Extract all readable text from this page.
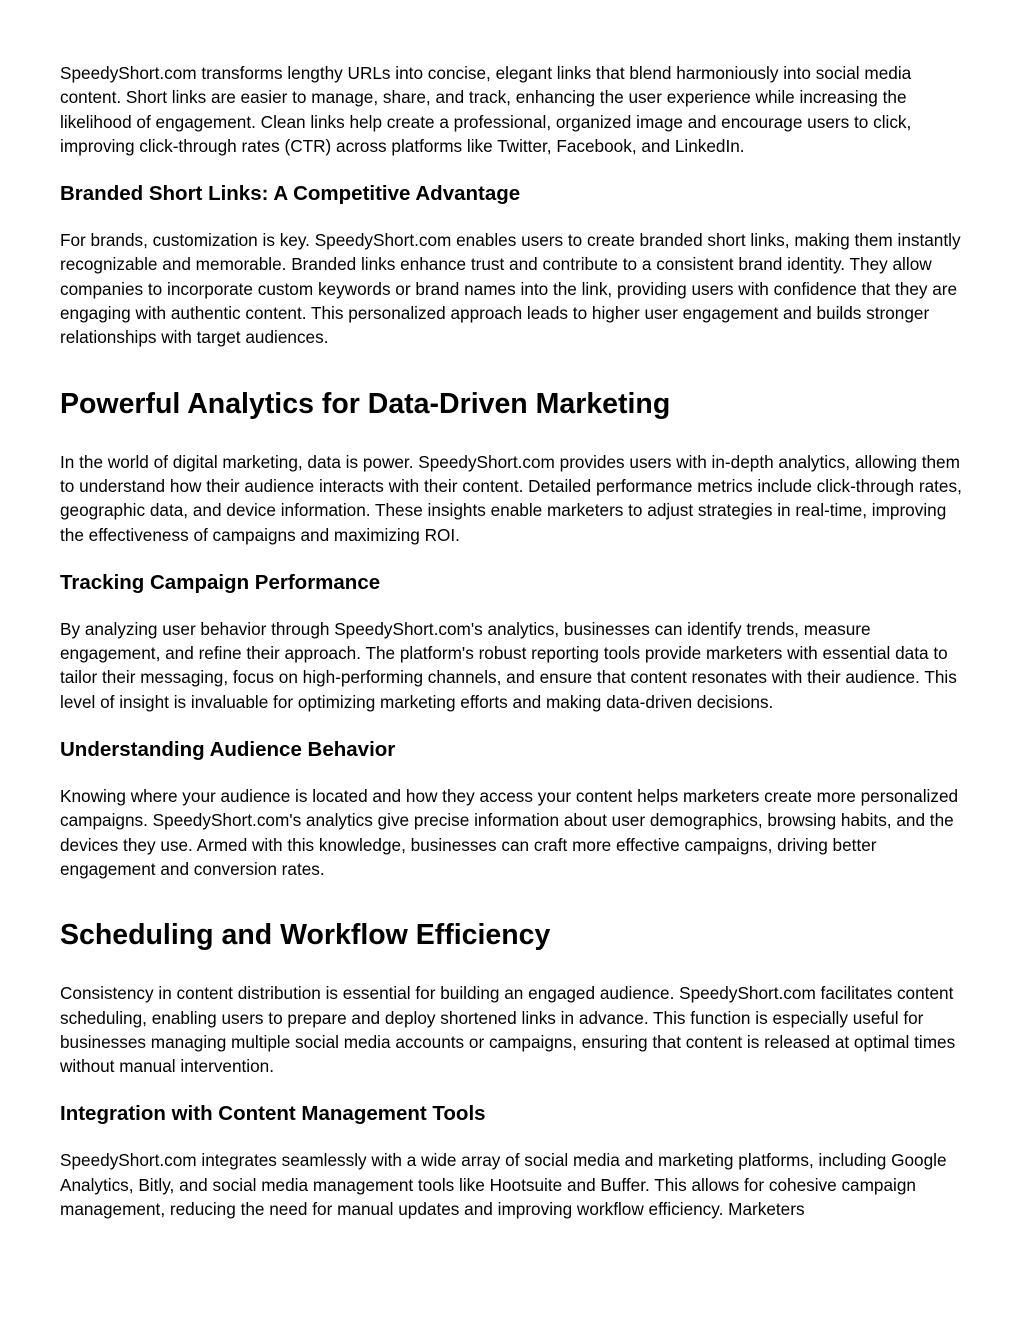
SpeedyShort.com transforms lengthy URLs into concise, elegant links that blend harmoniously into social media content. Short links are easier to manage, share, and track, enhancing the user experience while increasing the likelihood of engagement. Clean links help create a professional, organized image and encourage users to click, improving click-through rates (CTR) across platforms like Twitter, Facebook, and LinkedIn.

Branded Short Links: A Competitive Advantage

For brands, customization is key. SpeedyShort.com enables users to create branded short links, making them instantly recognizable and memorable. Branded links enhance trust and contribute to a consistent brand identity. They allow companies to incorporate custom keywords or brand names into the link, providing users with confidence that they are engaging with authentic content. This personalized approach leads to higher user engagement and builds stronger relationships with target audiences.

Powerful Analytics for Data-Driven Marketing

In the world of digital marketing, data is power. SpeedyShort.com provides users with in-depth analytics, allowing them to understand how their audience interacts with their content. Detailed performance metrics include click-through rates, geographic data, and device information. These insights enable marketers to adjust strategies in real-time, improving the effectiveness of campaigns and maximizing ROI.

Tracking Campaign Performance

By analyzing user behavior through SpeedyShort.com's analytics, businesses can identify trends, measure engagement, and refine their approach. The platform's robust reporting tools provide marketers with essential data to tailor their messaging, focus on high-performing channels, and ensure that content resonates with their audience. This level of insight is invaluable for optimizing marketing efforts and making data-driven decisions.

Understanding Audience Behavior

Knowing where your audience is located and how they access your content helps marketers create more personalized campaigns. SpeedyShort.com's analytics give precise information about user demographics, browsing habits, and the devices they use. Armed with this knowledge, businesses can craft more effective campaigns, driving better engagement and conversion rates.

Scheduling and Workflow Efficiency

Consistency in content distribution is essential for building an engaged audience. SpeedyShort.com facilitates content scheduling, enabling users to prepare and deploy shortened links in advance. This function is especially useful for businesses managing multiple social media accounts or campaigns, ensuring that content is released at optimal times without manual intervention.

Integration with Content Management Tools

SpeedyShort.com integrates seamlessly with a wide array of social media and marketing platforms, including Google Analytics, Bitly, and social media management tools like Hootsuite and Buffer. This allows for cohesive campaign management, reducing the need for manual updates and improving workflow efficiency. Marketers
